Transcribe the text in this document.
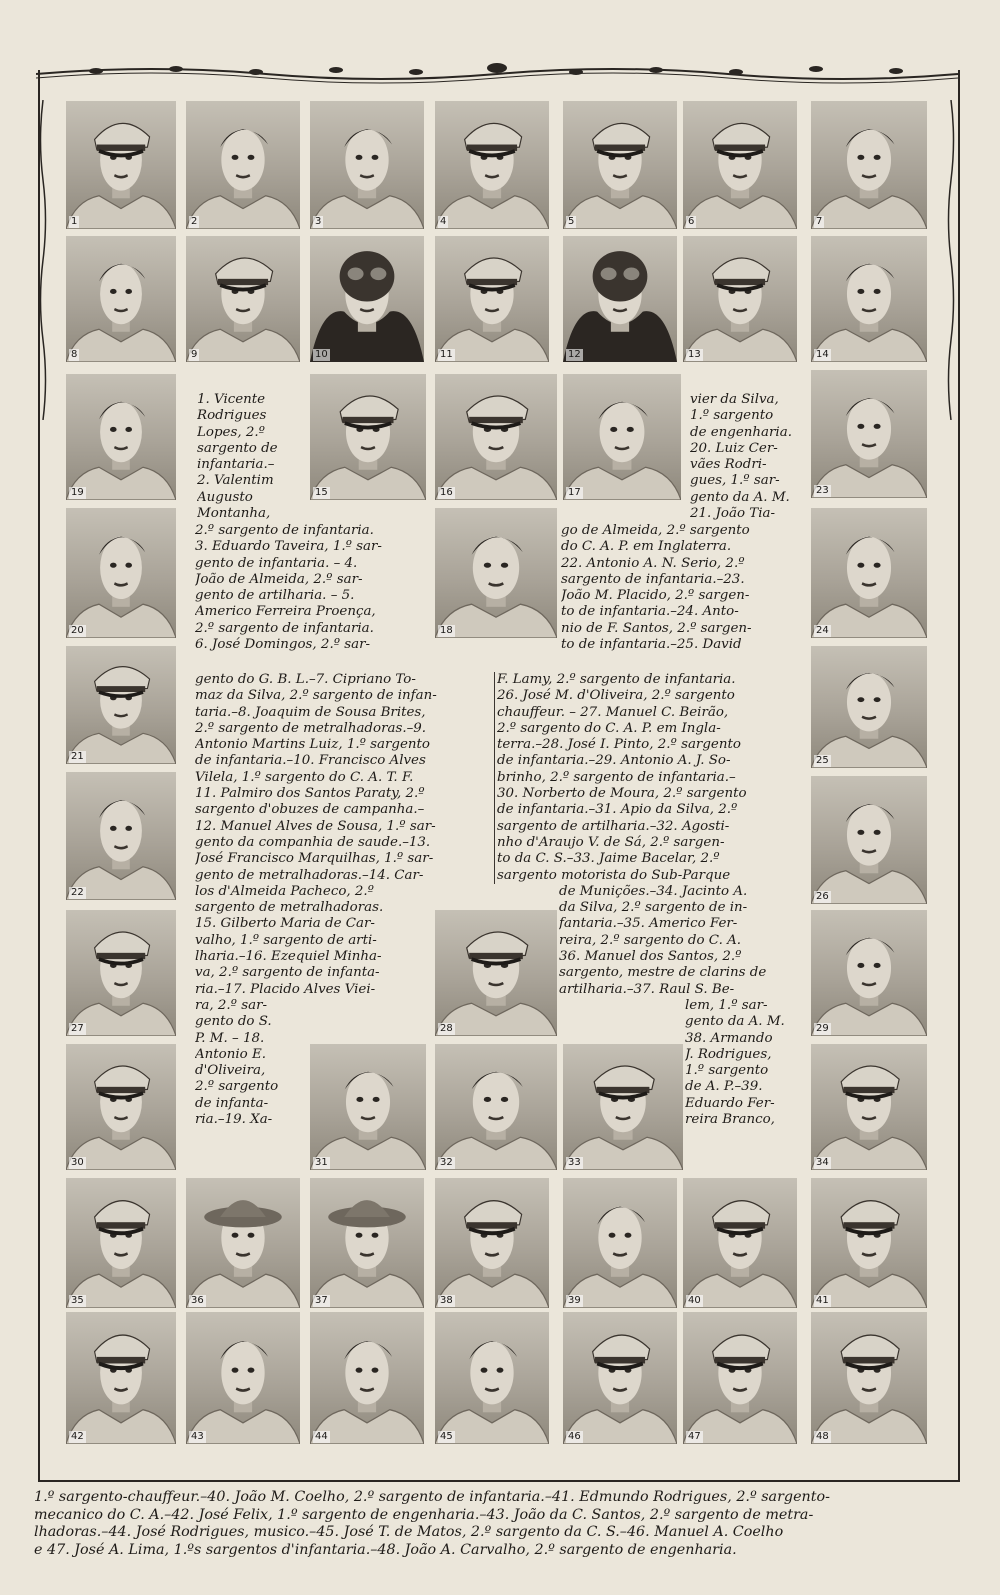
1	2	3	4	5	6	7
8	9	10	11	12	13	14
19	15	16	17
20	18
21
22
23
24
25
26
27	28	29
30	31	32	33	34
35	36	37	38	39	40	41
42	43	44	45	46	47	48

1. Vicente
Rodrigues
Lopes, 2.º
sargento de
infantaria.–
2. Valentim
Augusto
Montanha,

vier da Silva,
1.º sargento
de engenharia.
20. Luiz Cer-
vães Rodri-
gues, 1.º sar-
gento da A. M.
21. João Tia-

2.º sargento de infantaria.
3. Eduardo Taveira, 1.º sar-
gento de infantaria. – 4.
João de Almeida, 2.º sar-
gento de artilharia. – 5.
Americo Ferreira Proença,
2.º sargento de infantaria.
6. José Domingos, 2.º sar-

go de Almeida, 2.º sargento
do C. A. P. em Inglaterra.
22. Antonio A. N. Serio, 2.º
sargento de infantaria.–23.
João M. Placido, 2.º sargen-
to de infantaria.–24. Anto-
nio de F. Santos, 2.º sargen-
to de infantaria.–25. David

gento do G. B. L.–7. Cipriano To-
maz da Silva, 2.º sargento de infan-
taria.–8. Joaquim de Sousa Brites,
2.º sargento de metralhadoras.–9.
Antonio Martins Luiz, 1.º sargento
de infantaria.–10. Francisco Alves
Vilela, 1.º sargento do C. A. T. F.
11. Palmiro dos Santos Paraty, 2.º
sargento d'obuzes de campanha.–
12. Manuel Alves de Sousa, 1.º sar-
gento da companhia de saude.–13.
José Francisco Marquilhas, 1.º sar-
gento de metralhadoras.–14. Car-
los d'Almeida Pacheco, 2.º
sargento de metralhadoras.
15. Gilberto Maria de Car-
valho, 1.º sargento de arti-
lharia.–16. Ezequiel Minha-
va, 2.º sargento de infanta-
ria.–17. Placido Alves Viei-
ra, 2.º sar-
gento do S.
P. M. – 18.
Antonio E.
d'Oliveira,
2.º sargento
de infanta-
ria.–19. Xa-

F. Lamy, 2.º sargento de infantaria.
26. José M. d'Oliveira, 2.º sargento
chauffeur. – 27. Manuel C. Beirão,
2.º sargento do C. A. P. em Ingla-
terra.–28. José I. Pinto, 2.º sargento
de infantaria.–29. Antonio A. J. So-
brinho, 2.º sargento de infantaria.–
30. Norberto de Moura, 2.º sargento
de infantaria.–31. Apio da Silva, 2.º
sargento de artilharia.–32. Agosti-
nho d'Araujo V. de Sá, 2.º sargen-
to da C. S.–33. Jaime Bacelar, 2.º
sargento motorista do Sub-Parque
de Munições.–34. Jacinto A.
da Silva, 2.º sargento de in-
fantaria.–35. Americo Fer-
reira, 2.º sargento do C. A.
36. Manuel dos Santos, 2.º
sargento, mestre de clarins de
artilharia.–37. Raul S. Be-
lem, 1.º sar-
gento da A. M.
38. Armando
J. Rodrigues,
1.º sargento
de A. P.–39.
Eduardo Fer-
reira Branco,

1.º sargento-chauffeur.–40. João M. Coelho, 2.º sargento de infantaria.–41. Edmundo Rodrigues, 2.º sargento-
mecanico do C. A.–42. José Felix, 1.º sargento de engenharia.–43. João da C. Santos, 2.º sargento de metra-
lhadoras.–44. José Rodrigues, musico.–45. José T. de Matos, 2.º sargento da C. S.–46. Manuel A. Coelho
e 47. José A. Lima, 1.ºs sargentos d'infantaria.–48. João A. Carvalho, 2.º sargento de engenharia.
